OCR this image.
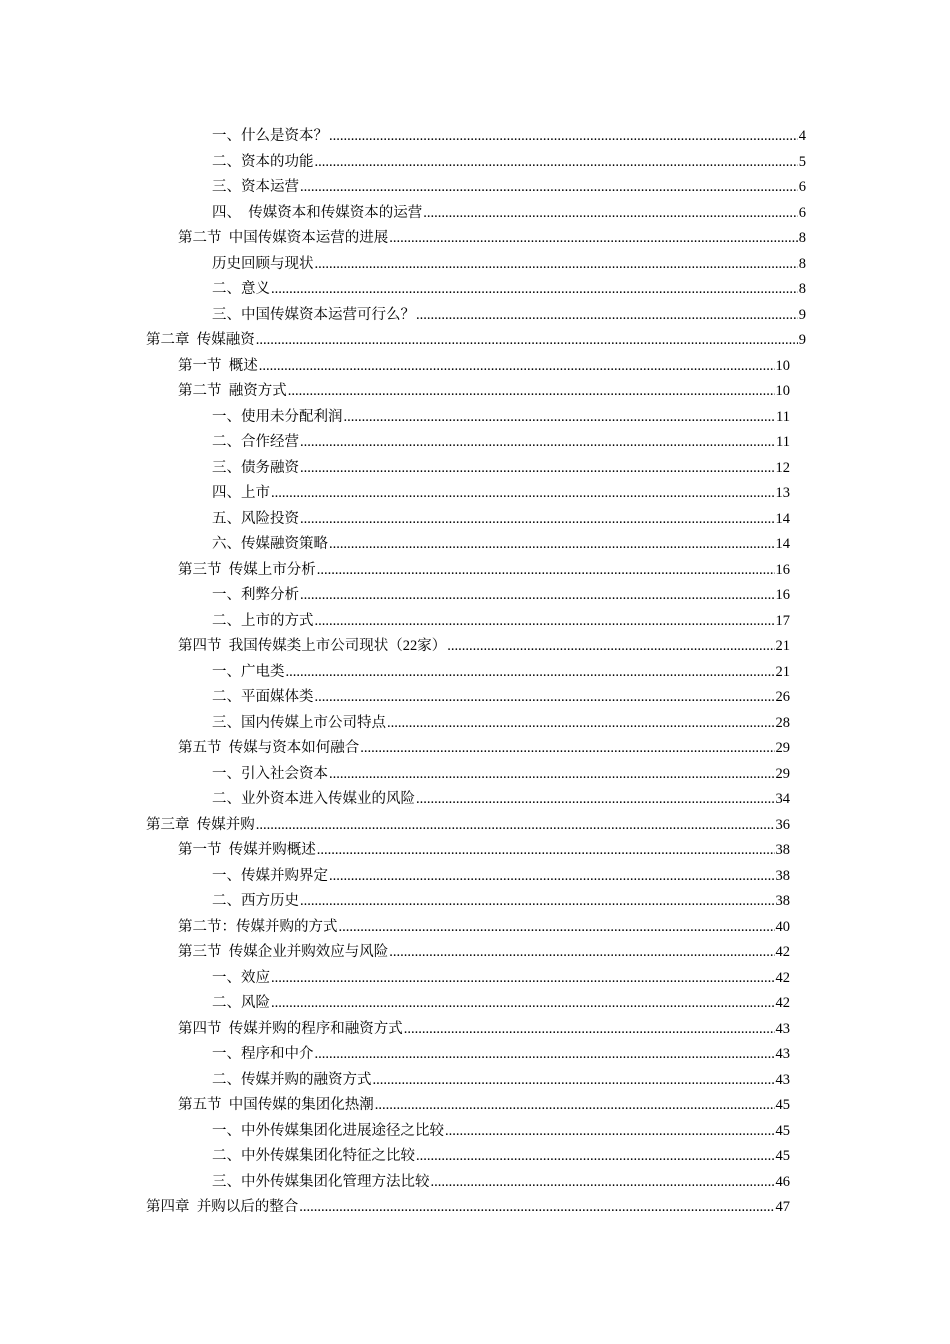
一、什么是资本？ .....	4
二、资本的功能 .....	5
三、资本运营 .....	6
四、  传媒资本和传媒资本的运营 .....	6
第二节  中国传媒资本运营的进展 .....	8
历史回顾与现状 .....	8
二、意义 .....	8
三、中国传媒资本运营可行么？ .....	9
第二章  传媒融资 .....	9
第一节  概述 .....	10
第二节  融资方式 .....	10
一、使用未分配利润 .....	11
二、合作经营 .....	11
三、债务融资 .....	12
四、上市 .....	13
五、风险投资 .....	14
六、传媒融资策略 .....	14
第三节  传媒上市分析 .....	16
一、利弊分析 .....	16
二、上市的方式 .....	17
第四节  我国传媒类上市公司现状（22家） .....	21
一、广电类 .....	21
二、平面媒体类 .....	26
三、国内传媒上市公司特点 .....	28
第五节  传媒与资本如何融合 .....	29
一、引入社会资本 .....	29
二、业外资本进入传媒业的风险 .....	34
第三章  传媒并购 .....	36
第一节  传媒并购概述 .....	38
一、传媒并购界定 .....	38
二、西方历史 .....	38
第二节：传媒并购的方式 .....	40
第三节  传媒企业并购效应与风险 .....	42
一、效应 .....	42
二、风险 .....	42
第四节  传媒并购的程序和融资方式 .....	43
一、程序和中介 .....	43
二、传媒并购的融资方式 .....	43
第五节  中国传媒的集团化热潮 .....	45
一、中外传媒集团化进展途径之比较 .....	45
二、中外传媒集团化特征之比较 .....	45
三、中外传媒集团化管理方法比较 .....	46
第四章  并购以后的整合 .....	47
